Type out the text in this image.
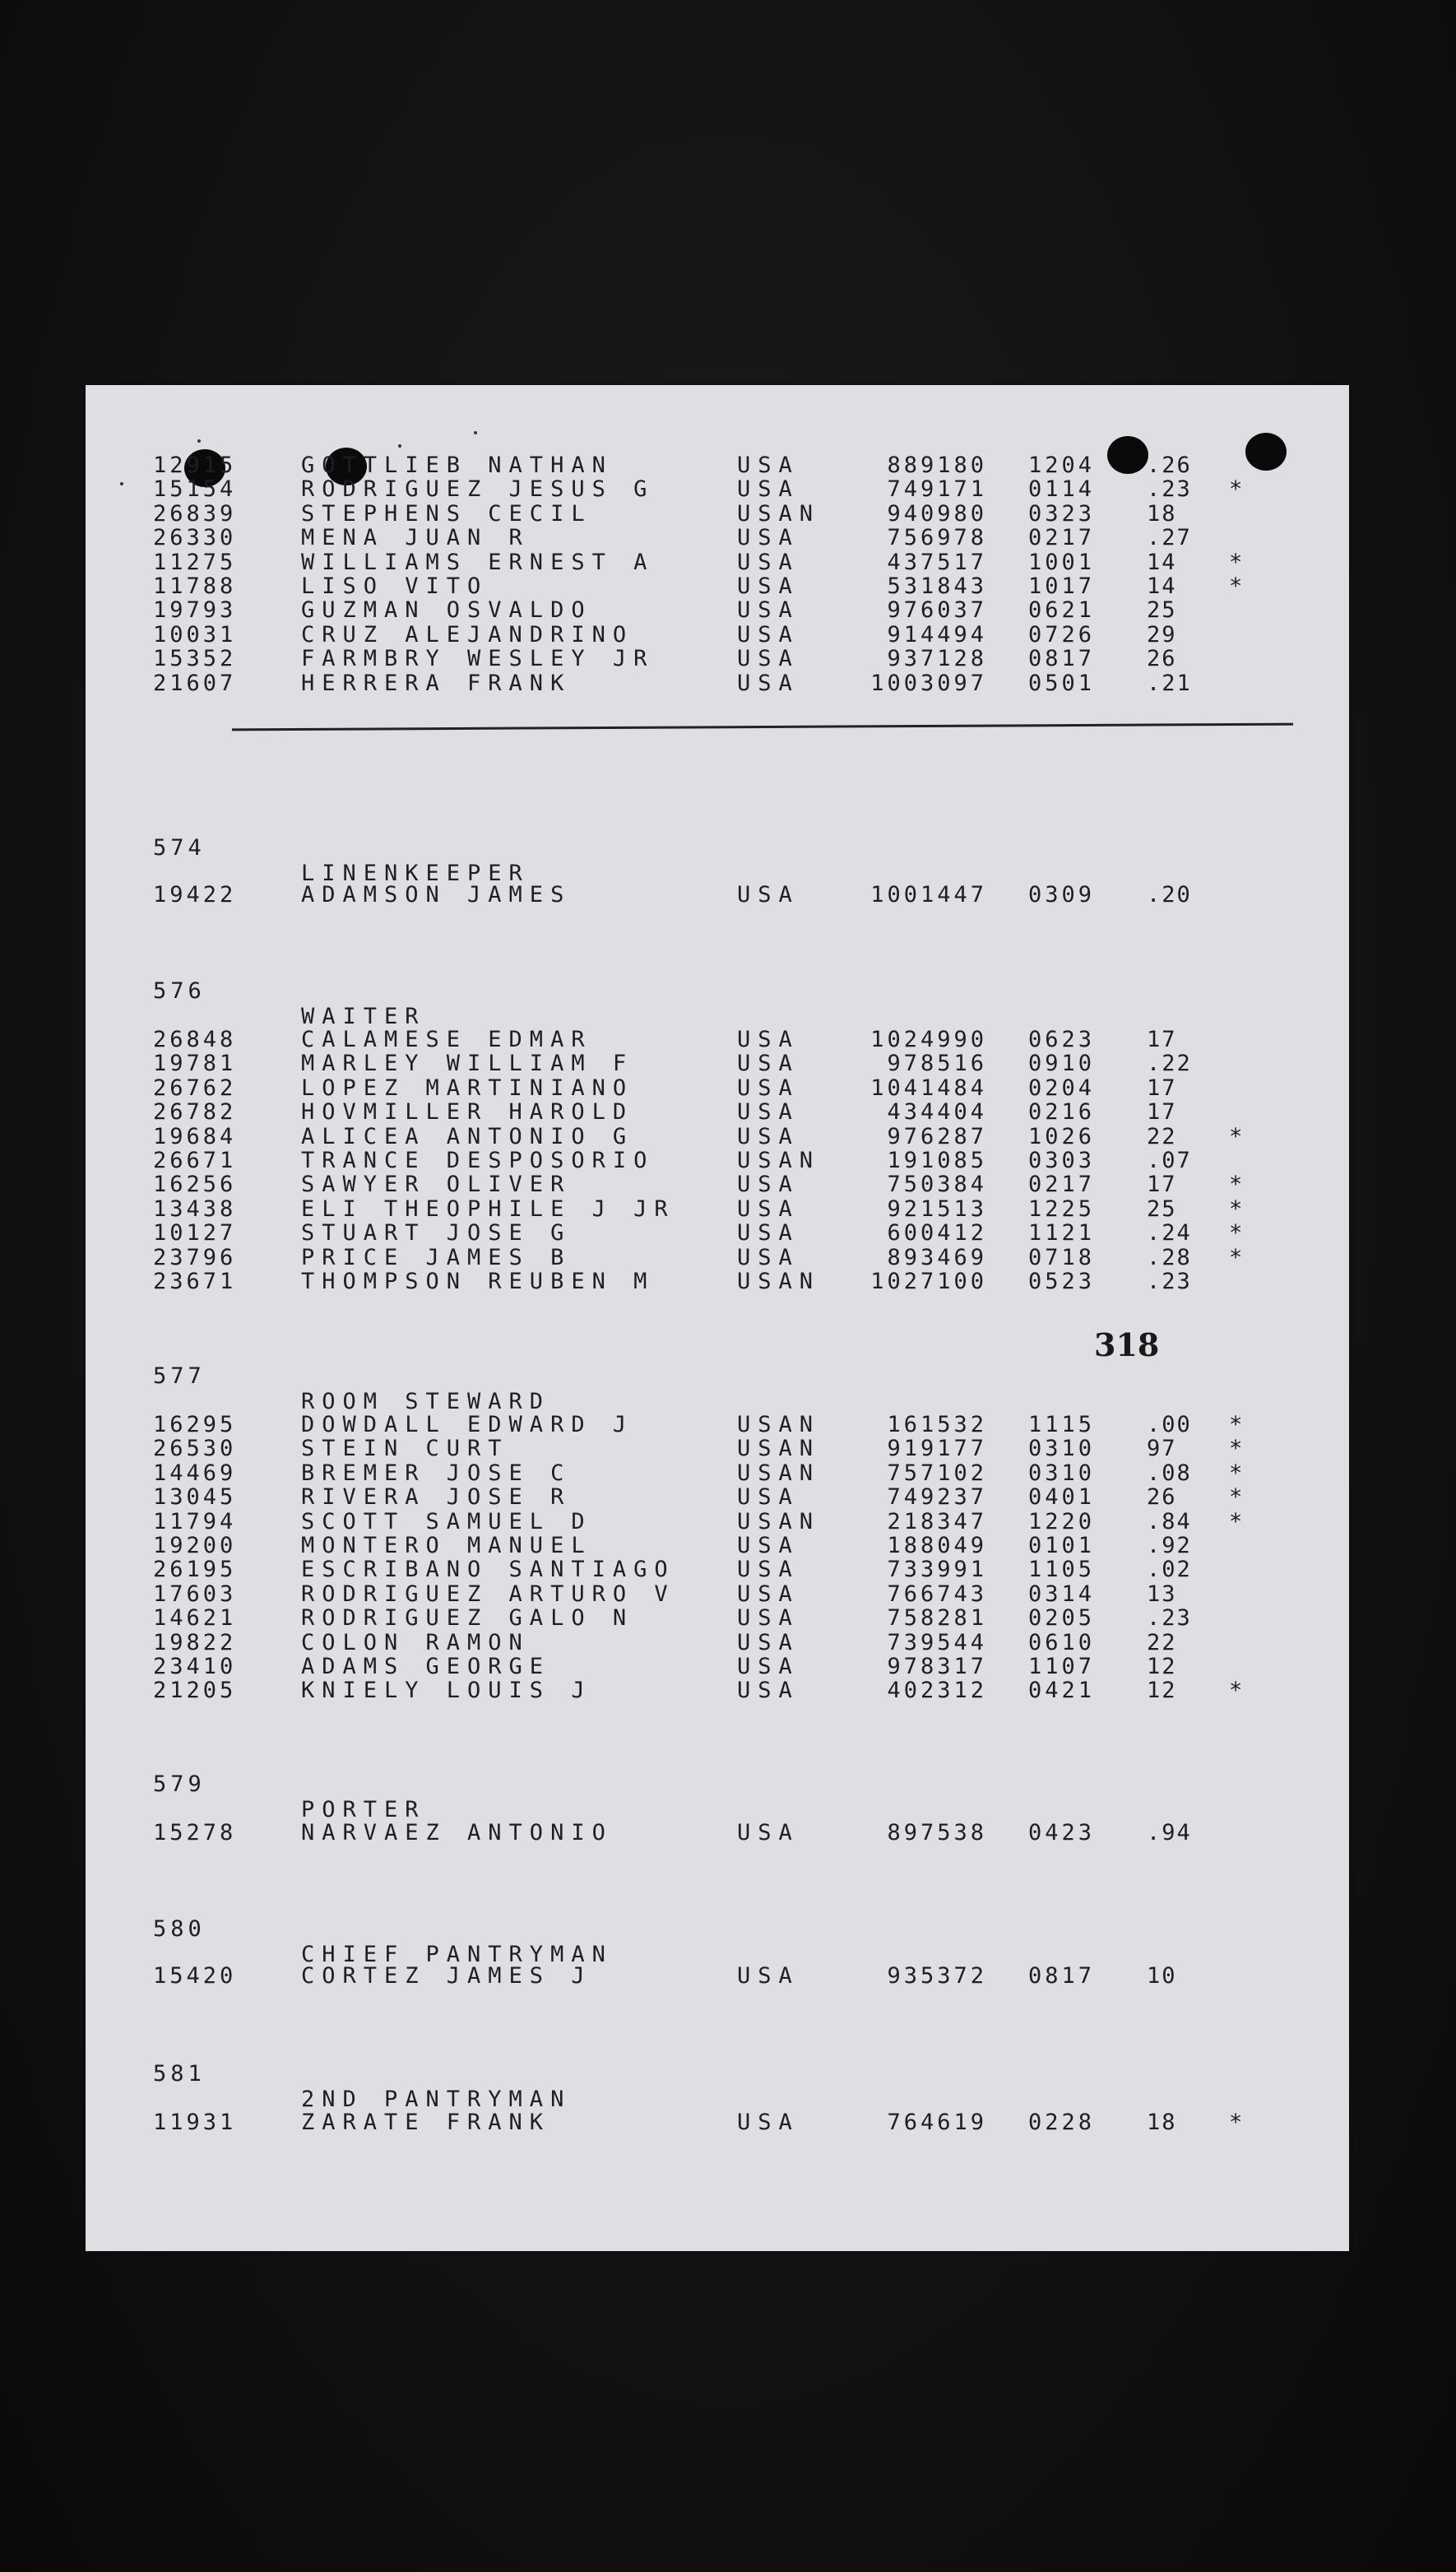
12915	GOTTLIEB NATHAN	USA	889180 1204 .26
15154	RODRIGUEZ JESUS G	USA	749171 0114 .23 *
26839	STEPHENS CECIL	USAN	940980 0323 18
26330	MENA JUAN R	USA	756978 0217 .27
11275	WILLIAMS ERNEST A	USA	437517 1001 14 *
11788	LISO VITO	USA	531843 1017 14 *
19793	GUZMAN OSVALDO	USA	976037 0621 25
10031	CRUZ ALEJANDRINO	USA	914494 0726 29
15352	FARMBRY WESLEY JR	USA	937128 0817 26
21607	HERRERA FRANK	USA	1003097 0501 .21
19422	ADAMSON JAMES	USA	1001447 0309 .20
26848	CALAMESE EDMAR	USA	1024990 0623 17
19781	MARLEY WILLIAM F	USA	978516 0910 .22
26762	LOPEZ MARTINIANO	USA	1041484 0204 17
26782	HOVMILLER HAROLD	USA	434404 0216 17
19684	ALICEA ANTONIO G	USA	976287 1026 22 *
26671	TRANCE DESPOSORIO	USAN	191085 0303 .07
16256	SAWYER OLIVER	USA	750384 0217 17 *
13438	ELI THEOPHILE J JR	USA	921513 1225 25 *
10127	STUART JOSE G	USA	600412 1121 .24 *
23796	PRICE JAMES B	USA	893469 0718 .28 *
23671	THOMPSON REUBEN M	USAN	1027100 0523 .23
16295	DOWDALL EDWARD J	USAN	161532 1115 .00 *
26530	STEIN CURT	USAN	919177 0310 97 *
14469	BREMER JOSE C	USAN	757102 0310 .08 *
13045	RIVERA JOSE R	USA	749237 0401 26 *
11794	SCOTT SAMUEL D	USAN	218347 1220 .84 *
19200	MONTERO MANUEL	USA	188049 0101 .92
26195	ESCRIBANO SANTIAGO	USA	733991 1105 .02
17603	RODRIGUEZ ARTURO V	USA	766743 0314 13
14621	RODRIGUEZ GALO N	USA	758281 0205 .23
19822	COLON RAMON	USA	739544 0610 22
23410	ADAMS GEORGE	USA	978317 1107 12
21205	KNIELY LOUIS J	USA	402312 0421 12 *
15278	NARVAEZ ANTONIO	USA	897538 0423 .94
15420	CORTEZ JAMES J	USA	935372 0817 10
11931	ZARATE FRANK	USA	764619 0228 18 *

574

LINENKEEPER

576

WAITER

577

ROOM STEWARD

579

PORTER

580

CHIEF PANTRYMAN

581

2ND PANTRYMAN

318
